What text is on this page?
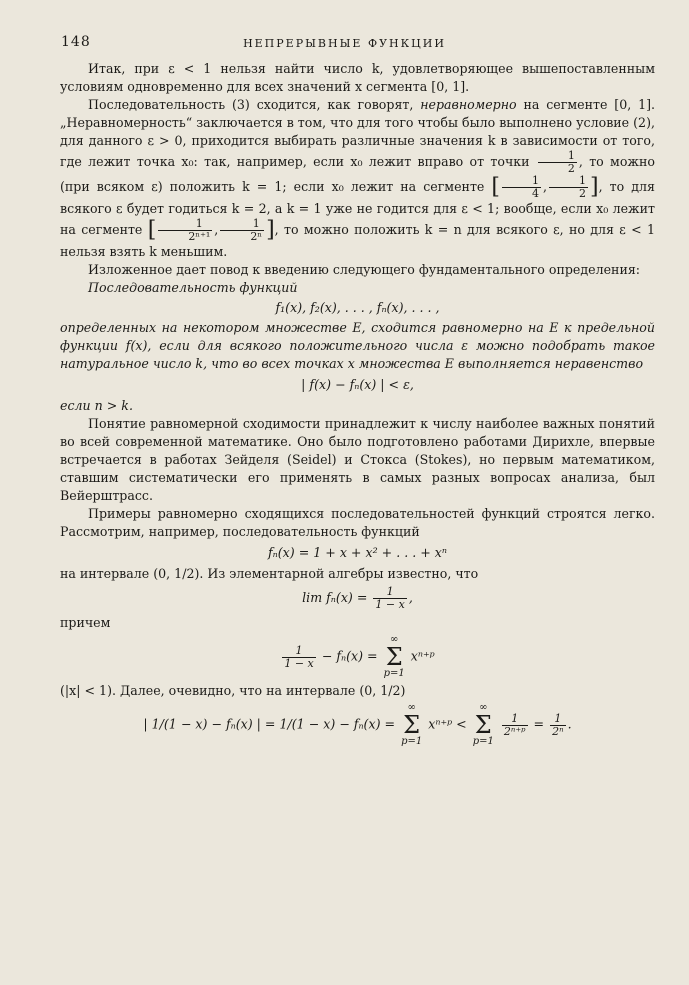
148	НЕПРЕРЫВНЫЕ ФУНКЦИИ

Итак, при ε < 1 нельзя найти число k, удовлетворяющее вышепоставленным условиям одновременно для всех значений x сегмента [0, 1].

Последовательность (3) сходится, как говорят, неравномерно на сегменте [0, 1]. „Неравномерность“ заключается в том, что для того чтобы было выполнено условие (2), для данного ε > 0, приходится выбирать различные значения k в зависимости от того, где лежит точка x₀: так, например, если x₀ лежит вправо от точки $\frac{1}{2}$ , то можно (при всяком ε) положить k = 1; если x₀ лежит на сегменте [ $\frac{1}{4}$ , $\frac{1}{2}$ ], то для всякого ε будет годиться k = 2, а k = 1 уже не годится для ε < 1; вообще, если x₀ лежит на сегменте [ $\frac{1}{\text{2ⁿ⁺¹}}$ , $\frac{1}{\text{2ⁿ}}$ ], то можно положить k = n для всякого ε, но для ε < 1 нельзя взять k меньшим.

Изложенное дает повод к введению следующего фундаментального определения:

Последовательность функций

f₁(x), f₂(x), . . . , fₙ(x), . . . ,

определенных на некотором множестве E, сходится равномерно на E к предельной функции f(x), если для всякого положительного числа ε можно подобрать такое натуральное число k, что во всех точках x множества E выполняется неравенство

| f(x) − fₙ(x) | < ε,

если n > k.

Понятие равномерной сходимости принадлежит к числу наиболее важных понятий во всей современной математике. Оно было подготовлено работами Дирихле, впервые встречается в работах Зейделя (Seidel) и Стокса (Stokes), но первым математиком, ставшим систематически его применять в самых разных вопросах анализа, был Вейерштрасс.

Примеры равномерно сходящихся последовательностей функций строятся легко. Рассмотрим, например, последовательность функций

fₙ(x) = 1 + x + x² + . . . + xⁿ

на интервале (0, 1/2). Из элементарной алгебры известно, что

$\lim f_n(x) = \frac{1}{1 - x}$ ,

причем

$\frac{1}{1 - x} - f_n(x)$ = ∞
Σ
p=1 xⁿ⁺ᵖ

(|x| < 1). Далее, очевидно, что на интервале (0, 1/2)

| 1/(1 − x) − fₙ(x) | = 1/(1 − x) − fₙ(x) = ∞
Σ
p=1 xⁿ⁺ᵖ < ∞
Σ
p=1
$\frac{1}{\text{2ⁿ⁺ᵖ}} = \frac{1}{\text{2ⁿ}}$ .
